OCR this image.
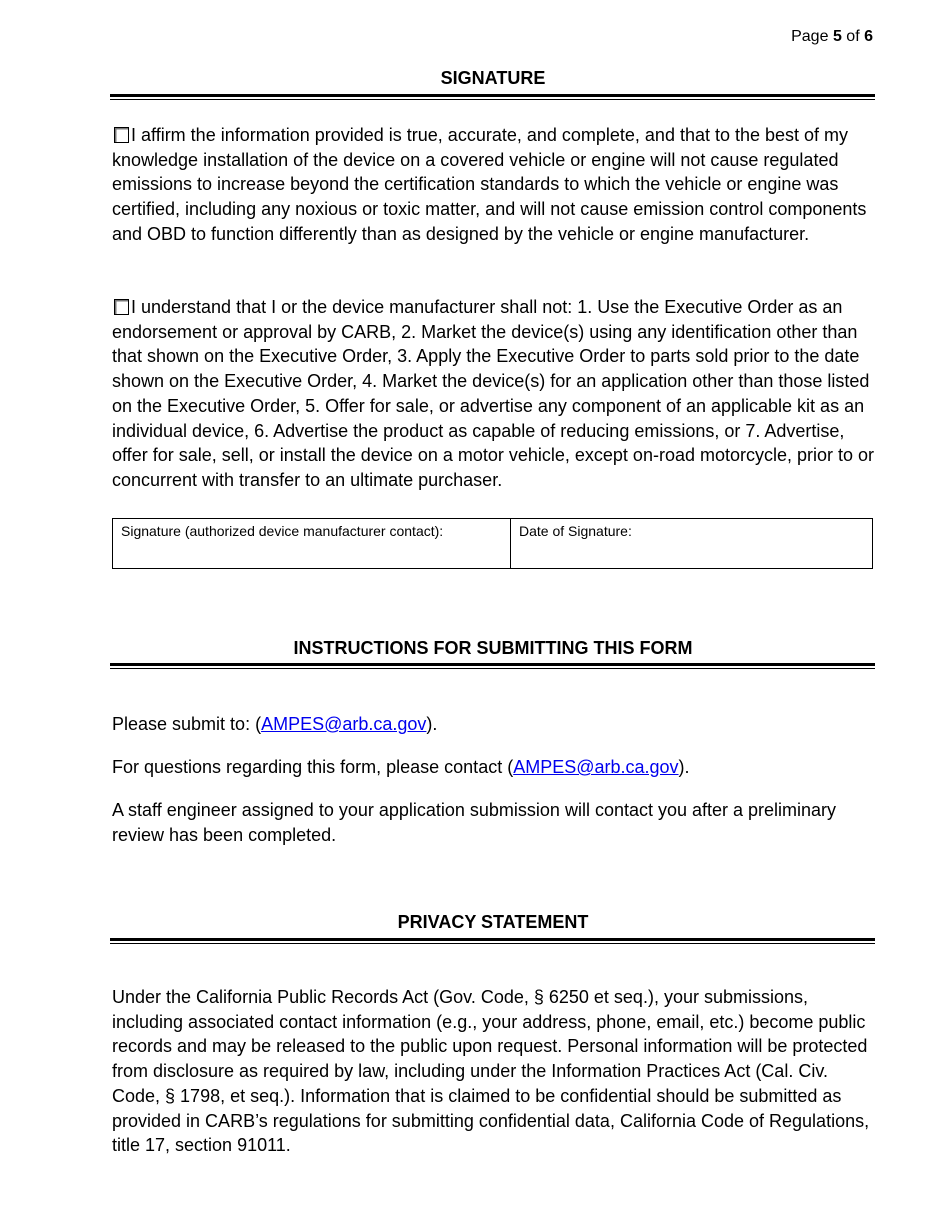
Page 5 of 6
SIGNATURE
I affirm the information provided is true, accurate, and complete, and that to the best of my knowledge installation of the device on a covered vehicle or engine will not cause regulated emissions to increase beyond the certification standards to which the vehicle or engine was certified, including any noxious or toxic matter, and will not cause emission control components and OBD to function differently than as designed by the vehicle or engine manufacturer.
I understand that I or the device manufacturer shall not: 1. Use the Executive Order as an endorsement or approval by CARB, 2. Market the device(s) using any identification other than that shown on the Executive Order, 3. Apply the Executive Order to parts sold prior to the date shown on the Executive Order, 4. Market the device(s) for an application other than those listed on the Executive Order, 5. Offer for sale, or advertise any component of an applicable kit as an individual device, 6. Advertise the product as capable of reducing emissions, or 7. Advertise, offer for sale, sell, or install the device on a motor vehicle, except on-road motorcycle, prior to or concurrent with transfer to an ultimate purchaser.
Signature (authorized device manufacturer contact):	Date of Signature:
INSTRUCTIONS FOR SUBMITTING THIS FORM
Please submit to: (AMPES@arb.ca.gov).
For questions regarding this form, please contact (AMPES@arb.ca.gov).
A staff engineer assigned to your application submission will contact you after a preliminary review has been completed.
PRIVACY STATEMENT
Under the California Public Records Act (Gov. Code, § 6250 et seq.), your submissions, including associated contact information (e.g., your address, phone, email, etc.) become public records and may be released to the public upon request. Personal information will be protected from disclosure as required by law, including under the Information Practices Act (Cal. Civ. Code, § 1798, et seq.). Information that is claimed to be confidential should be submitted as provided in CARB’s regulations for submitting confidential data, California Code of Regulations, title 17, section 91011.
